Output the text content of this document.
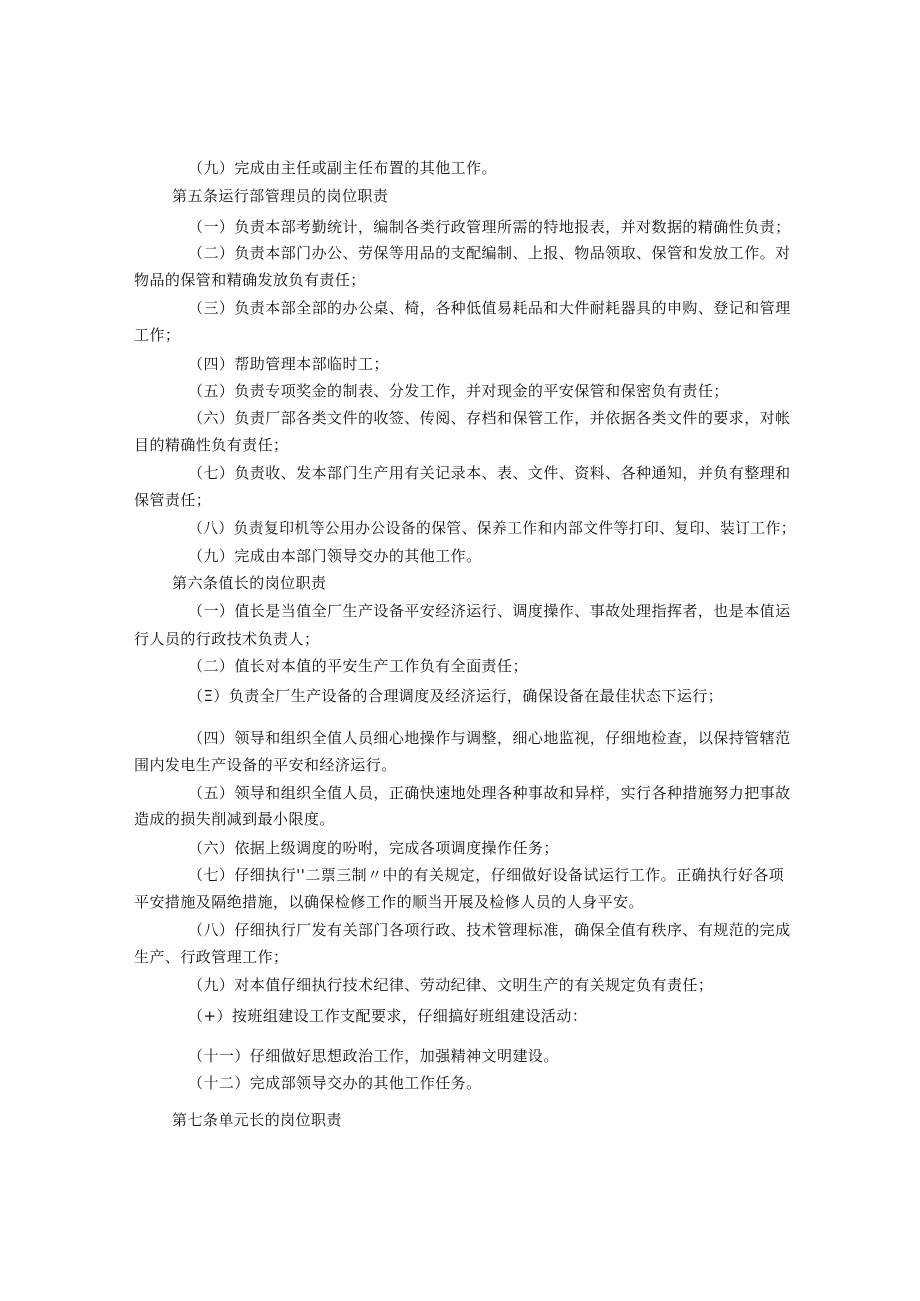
（九）完成由主任或副主任布置的其他工作。
第五条运行部管理员的岗位职责
（一）负责本部考勤统计，编制各类行政管理所需的特地报表，并对数据的精确性负责；
（二）负责本部门办公、劳保等用品的支配编制、上报、物品领取、保管和发放工作。对
物品的保管和精确发放负有责任；
（三）负责本部全部的办公桌、椅，各种低值易耗品和大件耐耗器具的申购、登记和管理
工作；
（四）帮助管理本部临时工；
（五）负责专项奖金的制表、分发工作，并对现金的平安保管和保密负有责任；
（六）负责厂部各类文件的收签、传阅、存档和保管工作，并依据各类文件的要求，对帐
目的精确性负有责任；
（七）负责收、发本部门生产用有关记录本、表、文件、资料、各种通知，并负有整理和
保管责任；
（八）负责复印机等公用办公设备的保管、保养工作和内部文件等打印、复印、装订工作；
（九）完成由本部门领导交办的其他工作。
第六条值长的岗位职责
（一）值长是当值全厂生产设备平安经济运行、调度操作、事故处理指挥者，也是本值运
行人员的行政技术负责人；
（二）值长对本值的平安生产工作负有全面责任；
（Ξ）负责全厂生产设备的合理调度及经济运行，确保设备在最佳状态下运行；
（四）领导和组织全值人员细心地操作与调整，细心地监视，仔细地检查，以保持管辖范
围内发电生产设备的平安和经济运行。
（五）领导和组织全值人员，正确快速地处理各种事故和异样，实行各种措施努力把事故
造成的损失削减到最小限度。
（六）依据上级调度的吩咐，完成各项调度操作任务；
（七）仔细执行''二票三制〃中的有关规定，仔细做好设备试运行工作。正确执行好各项
平安措施及隔绝措施，以确保检修工作的顺当开展及检修人员的人身平安。
（八）仔细执行厂发有关部门各项行政、技术管理标准，确保全值有秩序、有规范的完成
生产、行政管理工作；
（九）对本值仔细执行技术纪律、劳动纪律、文明生产的有关规定负有责任；
（+）按班组建设工作支配要求，仔细搞好班组建设活动：
（十一）仔细做好思想政治工作，加强精神文明建设。
（十二）完成部领导交办的其他工作任务。
第七条单元长的岗位职责
